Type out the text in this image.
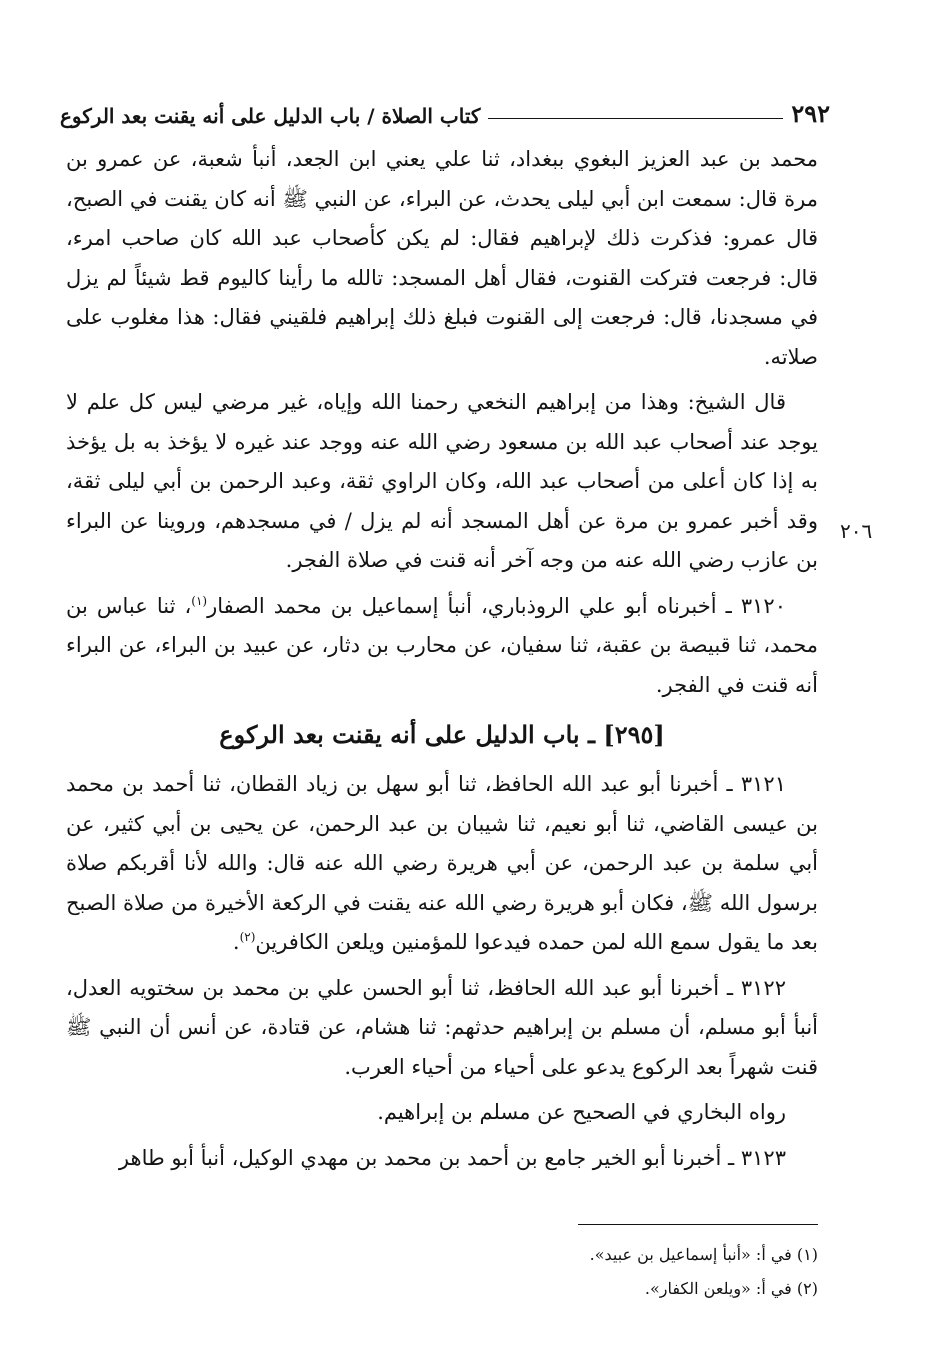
٢٩٢
كتاب الصلاة / باب الدليل على أنه يقنت بعد الركوع
٢٠٦

محمد بن عبد العزيز البغوي ببغداد، ثنا علي يعني ابن الجعد، أنبأ شعبة، عن عمرو بن مرة قال: سمعت ابن أبي ليلى يحدث، عن البراء، عن النبي ﷺ أنه كان يقنت في الصبح، قال عمرو: فذكرت ذلك لإبراهيم فقال: لم يكن كأصحاب عبد الله كان صاحب امرء، قال: فرجعت فتركت القنوت، فقال أهل المسجد: تالله ما رأينا كاليوم قط شيئاً لم يزل في مسجدنا، قال: فرجعت إلى القنوت فبلغ ذلك إبراهيم فلقيني فقال: هذا مغلوب على صلاته.

قال الشيخ: وهذا من إبراهيم النخعي رحمنا الله وإياه، غير مرضي ليس كل علم لا يوجد عند أصحاب عبد الله بن مسعود رضي الله عنه ووجد عند غيره لا يؤخذ به بل يؤخذ به إذا كان أعلى من أصحاب عبد الله، وكان الراوي ثقة، وعبد الرحمن بن أبي ليلى ثقة، وقد أخبر عمرو بن مرة عن أهل المسجد أنه لم يزل / في مسجدهم، وروينا عن البراء بن عازب رضي الله عنه من وجه آخر أنه قنت في صلاة الفجر.

٣١٢٠ ـ أخبرناه أبو علي الروذباري، أنبأ إسماعيل بن محمد الصفار$^{(١)}$، ثنا عباس بن محمد، ثنا قبيصة بن عقبة، ثنا سفيان، عن محارب بن دثار، عن عبيد بن البراء، عن البراء أنه قنت في الفجر.

[٢٩٥] ـ باب الدليل على أنه يقنت بعد الركوع

٣١٢١ ـ أخبرنا أبو عبد الله الحافظ، ثنا أبو سهل بن زياد القطان، ثنا أحمد بن محمد بن عيسى القاضي، ثنا أبو نعيم، ثنا شيبان بن عبد الرحمن، عن يحيى بن أبي كثير، عن أبي سلمة بن عبد الرحمن، عن أبي هريرة رضي الله عنه قال: والله لأنا أقربكم صلاة برسول الله ﷺ، فكان أبو هريرة رضي الله عنه يقنت في الركعة الأخيرة من صلاة الصبح بعد ما يقول سمع الله لمن حمده فيدعوا للمؤمنين ويلعن الكافرين$^{(٢)}$.

٣١٢٢ ـ أخبرنا أبو عبد الله الحافظ، ثنا أبو الحسن علي بن محمد بن سختويه العدل، أنبأ أبو مسلم، أن مسلم بن إبراهيم حدثهم: ثنا هشام، عن قتادة، عن أنس أن النبي ﷺ قنت شهراً بعد الركوع يدعو على أحياء من أحياء العرب.

رواه البخاري في الصحيح عن مسلم بن إبراهيم.

٣١٢٣ ـ أخبرنا أبو الخير جامع بن أحمد بن محمد بن مهدي الوكيل، أنبأ أبو طاهر

(١) في أ: «أنبأ إسماعيل بن عبيد».
(٢) في أ: «ويلعن الكفار».
